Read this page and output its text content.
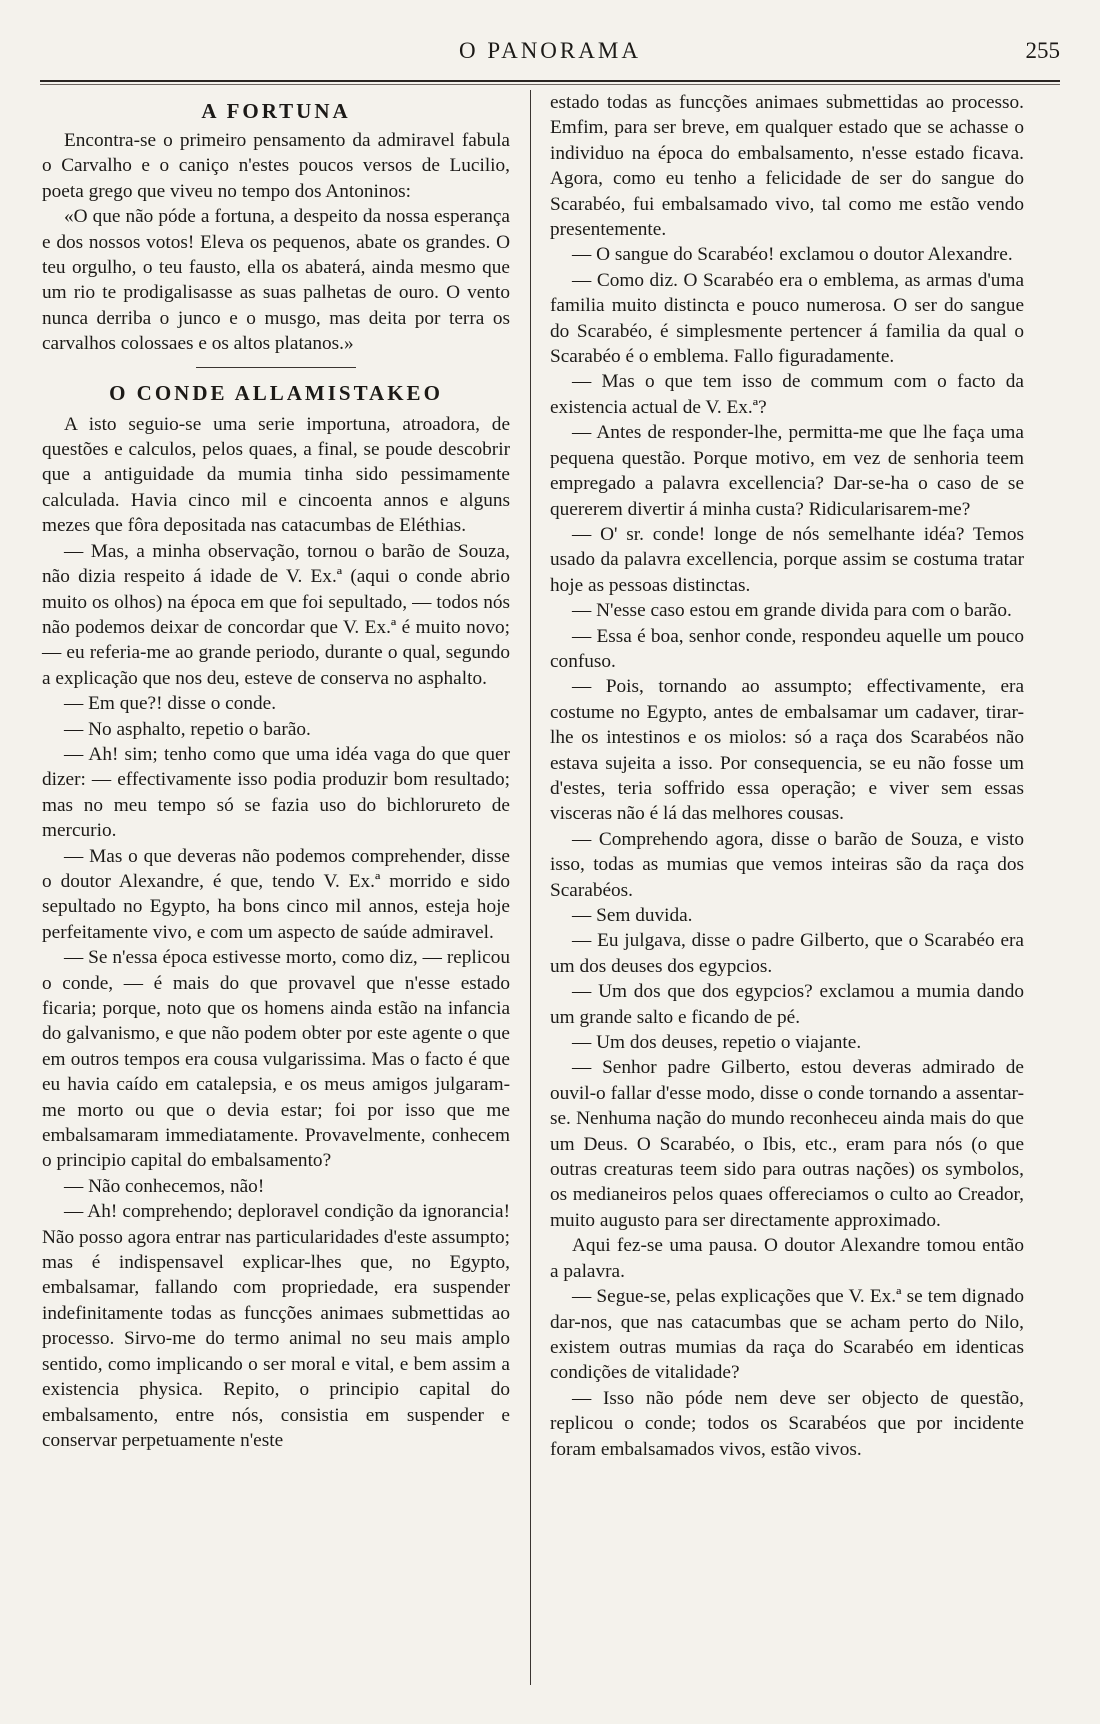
O PANORAMA	255
A FORTUNA

Encontra-se o primeiro pensamento da admiravel fabula o Carvalho e o caniço n'estes poucos versos de Lucilio, poeta grego que viveu no tempo dos Antoninos:

«O que não póde a fortuna, a despeito da nossa esperança e dos nossos votos! Eleva os pequenos, abate os grandes. O teu orgulho, o teu fausto, ella os abaterá, ainda mesmo que um rio te prodigalisasse as suas palhetas de ouro. O vento nunca derriba o junco e o musgo, mas deita por terra os carvalhos colossaes e os altos platanos.»

O CONDE ALLAMISTAKEO

A isto seguio-se uma serie importuna, atroadora, de questões e calculos, pelos quaes, a final, se poude descobrir que a antiguidade da mumia tinha sido pessimamente calculada. Havia cinco mil e cincoenta annos e alguns mezes que fôra depositada nas catacumbas de Eléthias.

— Mas, a minha observação, tornou o barão de Souza, não dizia respeito á idade de V. Ex.ª (aqui o conde abrio muito os olhos) na época em que foi sepultado, — todos nós não podemos deixar de concordar que V. Ex.ª é muito novo; — eu referia-me ao grande periodo, durante o qual, segundo a explicação que nos deu, esteve de conserva no asphalto.

— Em que?! disse o conde.

— No asphalto, repetio o barão.

— Ah! sim; tenho como que uma idéa vaga do que quer dizer: — effectivamente isso podia produzir bom resultado; mas no meu tempo só se fazia uso do bichlorureto de mercurio.

— Mas o que deveras não podemos comprehender, disse o doutor Alexandre, é que, tendo V. Ex.ª morrido e sido sepultado no Egypto, ha bons cinco mil annos, esteja hoje perfeitamente vivo, e com um aspecto de saúde admiravel.

— Se n'essa época estivesse morto, como diz, — replicou o conde, — é mais do que provavel que n'esse estado ficaria; porque, noto que os homens ainda estão na infancia do galvanismo, e que não podem obter por este agente o que em outros tempos era cousa vulgarissima. Mas o facto é que eu havia caído em catalepsia, e os meus amigos julgaram-me morto ou que o devia estar; foi por isso que me embalsamaram immediatamente. Provavelmente, conhecem o principio capital do embalsamento?

— Não conhecemos, não!

— Ah! comprehendo; deploravel condição da ignorancia! Não posso agora entrar nas particularidades d'este assumpto; mas é indispensavel explicar-lhes que, no Egypto, embalsamar, fallando com propriedade, era suspender indefinitamente todas as funcções animaes submettidas ao processo. Sirvo-me do termo animal no seu mais amplo sentido, como implicando o ser moral e vital, e bem assim a existencia physica. Repito, o principio capital do embalsamento, entre nós, consistia em suspender e conservar perpetuamente n'este

estado todas as funcções animaes submettidas ao processo. Emfim, para ser breve, em qualquer estado que se achasse o individuo na época do embalsamento, n'esse estado ficava. Agora, como eu tenho a felicidade de ser do sangue do Scarabéo, fui embalsamado vivo, tal como me estão vendo presentemente.

— O sangue do Scarabéo! exclamou o doutor Alexandre.

— Como diz. O Scarabéo era o emblema, as armas d'uma familia muito distincta e pouco numerosa. O ser do sangue do Scarabéo, é simplesmente pertencer á familia da qual o Scarabéo é o emblema. Fallo figuradamente.

— Mas o que tem isso de commum com o facto da existencia actual de V. Ex.ª?

— Antes de responder-lhe, permitta-me que lhe faça uma pequena questão. Porque motivo, em vez de senhoria teem empregado a palavra excellencia? Dar-se-ha o caso de se quererem divertir á minha custa? Ridicularisarem-me?

— O' sr. conde! longe de nós semelhante idéa? Temos usado da palavra excellencia, porque assim se costuma tratar hoje as pessoas distinctas.

— N'esse caso estou em grande divida para com o barão.

— Essa é boa, senhor conde, respondeu aquelle um pouco confuso.

— Pois, tornando ao assumpto; effectivamente, era costume no Egypto, antes de embalsamar um cadaver, tirar-lhe os intestinos e os miolos: só a raça dos Scarabéos não estava sujeita a isso. Por consequencia, se eu não fosse um d'estes, teria soffrido essa operação; e viver sem essas visceras não é lá das melhores cousas.

— Comprehendo agora, disse o barão de Souza, e visto isso, todas as mumias que vemos inteiras são da raça dos Scarabéos.

— Sem duvida.

— Eu julgava, disse o padre Gilberto, que o Scarabéo era um dos deuses dos egypcios.

— Um dos que dos egypcios? exclamou a mumia dando um grande salto e ficando de pé.

— Um dos deuses, repetio o viajante.

— Senhor padre Gilberto, estou deveras admirado de ouvil-o fallar d'esse modo, disse o conde tornando a assentar-se. Nenhuma nação do mundo reconheceu ainda mais do que um Deus. O Scarabéo, o Ibis, etc., eram para nós (o que outras creaturas teem sido para outras nações) os symbolos, os medianeiros pelos quaes offereciamos o culto ao Creador, muito augusto para ser directamente approximado.

Aqui fez-se uma pausa. O doutor Alexandre tomou então a palavra.

— Segue-se, pelas explicações que V. Ex.ª se tem dignado dar-nos, que nas catacumbas que se acham perto do Nilo, existem outras mumias da raça do Scarabéo em identicas condições de vitalidade?

— Isso não póde nem deve ser objecto de questão, replicou o conde; todos os Scarabéos que por incidente foram embalsamados vivos, estão vivos.
